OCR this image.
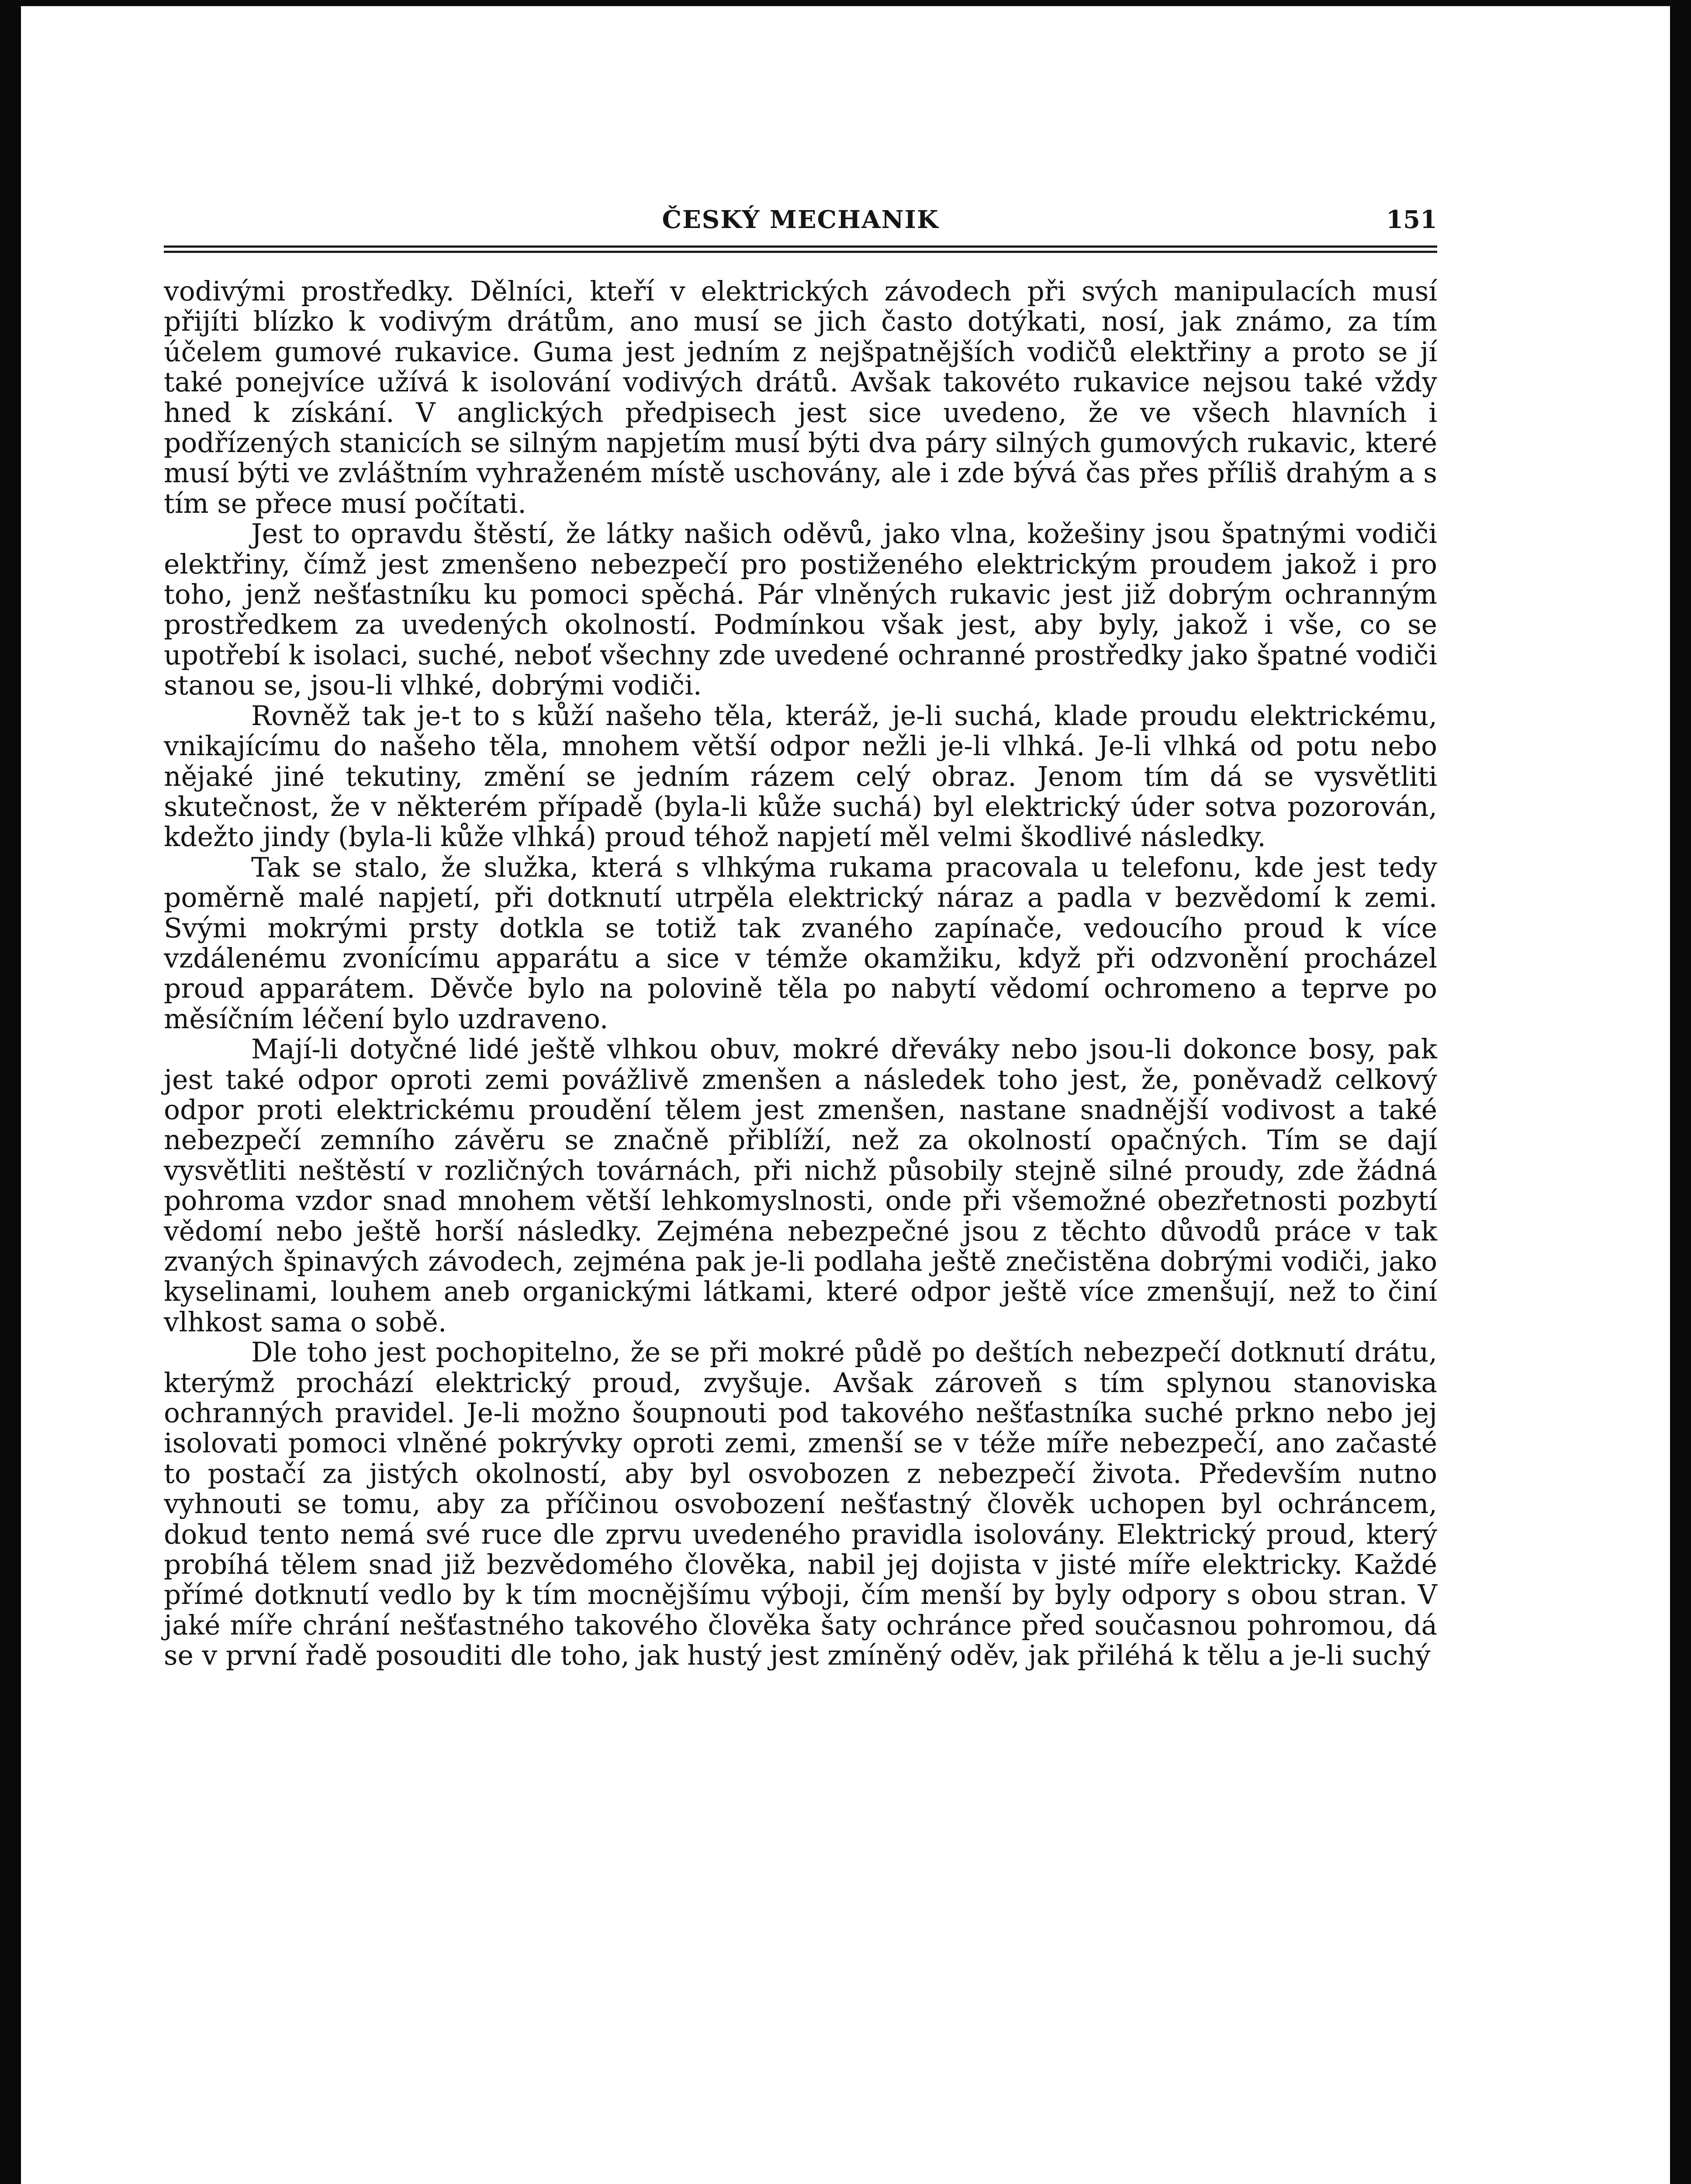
ČESKÝ MECHANIK	151

vodivými prostředky. Dělníci, kteří v elektrických závodech při svých manipulacích musí přijíti blízko k vodivým drátům, ano musí se jich často dotýkati, nosí, jak známo, za tím účelem gumové rukavice. Guma jest jedním z nejšpatnějších vodičů elektřiny a proto se jí také ponejvíce užívá k isolování vodivých drátů. Avšak takovéto rukavice nejsou také vždy hned k získání. V anglických předpisech jest sice uvedeno, že ve všech hlavních i podřízených stanicích se silným napjetím musí býti dva páry silných gumových rukavic, které musí býti ve zvláštním vyhraženém místě uschovány, ale i zde bývá čas přes příliš drahým a s tím se přece musí počítati.

Jest to opravdu štěstí, že látky našich oděvů, jako vlna, kožešiny jsou špatnými vodiči elektřiny, čímž jest zmenšeno nebezpečí pro postiženého elektrickým proudem jakož i pro toho, jenž nešťastníku ku pomoci spěchá. Pár vlněných rukavic jest již dobrým ochranným prostředkem za uvedených okolností. Podmínkou však jest, aby byly, jakož i vše, co se upotřebí k isolaci, suché, neboť všechny zde uvedené ochranné prostředky jako špatné vodiči stanou se, jsou-li vlhké, dobrými vodiči.

Rovněž tak je-t to s kůží našeho těla, kteráž, je-li suchá, klade proudu elektrickému, vnikajícímu do našeho těla, mnohem větší odpor nežli je-li vlhká. Je-li vlhká od potu nebo nějaké jiné tekutiny, změní se jedním rázem celý obraz. Jenom tím dá se vysvětliti skutečnost, že v některém případě (byla-li kůže suchá) byl elektrický úder sotva pozorován, kdežto jindy (byla-li kůže vlhká) proud téhož napjetí měl velmi škodlivé následky.

Tak se stalo, že služka, která s vlhkýma rukama pracovala u telefonu, kde jest tedy poměrně malé napjetí, při dotknutí utrpěla elektrický náraz a padla v bezvědomí k zemi. Svými mokrými prsty dotkla se totiž tak zvaného zapínače, vedoucího proud k více vzdálenému zvonícímu apparátu a sice v témže okamžiku, když při odzvonění procházel proud apparátem. Děvče bylo na polovině těla po nabytí vědomí ochromeno a teprve po měsíčním léčení bylo uzdraveno.

Mají-li dotyčné lidé ještě vlhkou obuv, mokré dřeváky nebo jsou-li dokonce bosy, pak jest také odpor oproti zemi povážlivě zmenšen a následek toho jest, že, poněvadž celkový odpor proti elektrickému proudění tělem jest zmenšen, nastane snadnější vodivost a také nebezpečí zemního závěru se značně přiblíží, než za okolností opačných. Tím se dají vysvětliti neštěstí v rozličných továrnách, při nichž působily stejně silné proudy, zde žádná pohroma vzdor snad mnohem větší lehkomyslnosti, onde při všemožné obezřetnosti pozbytí vědomí nebo ještě horší následky. Zejména nebezpečné jsou z těchto důvodů práce v tak zvaných špinavých závodech, zejména pak je-li podlaha ještě znečistěna dobrými vodiči, jako kyselinami, louhem aneb organickými látkami, které odpor ještě více zmenšují, než to činí vlhkost sama o sobě.

Dle toho jest pochopitelno, že se při mokré půdě po deštích nebezpečí dotknutí drátu, kterýmž prochází elektrický proud, zvyšuje. Avšak zároveň s tím splynou stanoviska ochranných pravidel. Je-li možno šoupnouti pod takového nešťastníka suché prkno nebo jej isolovati pomoci vlněné pokrývky oproti zemi, zmenší se v téže míře nebezpečí, ano začasté to postačí za jistých okolností, aby byl osvobozen z nebezpečí života. Především nutno vyhnouti se tomu, aby za příčinou osvobození nešťastný člověk uchopen byl ochráncem, dokud tento nemá své ruce dle zprvu uvedeného pravidla isolovány. Elektrický proud, který probíhá tělem snad již bezvědomého člověka, nabil jej dojista v jisté míře elektricky. Každé přímé dotknutí vedlo by k tím mocnějšímu výboji, čím menší by byly odpory s obou stran. V jaké míře chrání nešťastného takového člověka šaty ochránce před současnou pohromou, dá se v první řadě posouditi dle toho, jak hustý jest zmíněný oděv, jak přiléhá k tělu a je-li suchý
